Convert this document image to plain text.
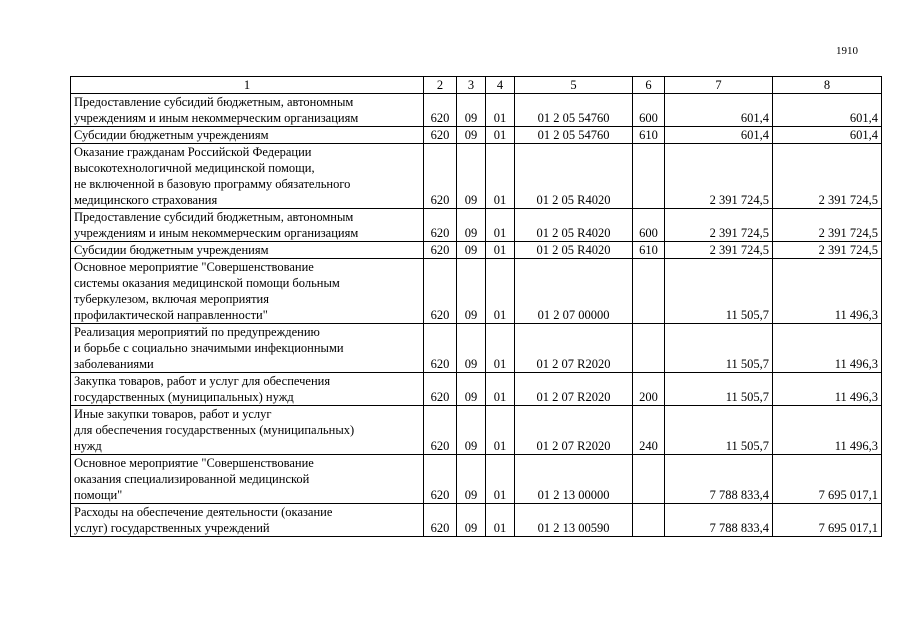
1910
1	2	3	4	5	6	7	8
Предоставление субсидий бюджетным, автономным
учреждениям и иным некоммерческим организациям	620	09	01	01 2 05 54760	600	601,4	601,4
Субсидии бюджетным учреждениям	620	09	01	01 2 05 54760	610	601,4	601,4
Оказание гражданам Российской Федерации
высокотехнологичной медицинской помощи,
не включенной в базовую программу обязательного
медицинского страхования	620	09	01	01 2 05 R4020		2 391 724,5	2 391 724,5
Предоставление субсидий бюджетным, автономным
учреждениям и иным некоммерческим организациям	620	09	01	01 2 05 R4020	600	2 391 724,5	2 391 724,5
Субсидии бюджетным учреждениям	620	09	01	01 2 05 R4020	610	2 391 724,5	2 391 724,5
Основное мероприятие "Совершенствование
системы оказания медицинской помощи больным
туберкулезом, включая мероприятия
профилактической направленности"	620	09	01	01 2 07 00000		11 505,7	11 496,3
Реализация мероприятий по предупреждению
и борьбе с социально значимыми инфекционными
заболеваниями	620	09	01	01 2 07 R2020		11 505,7	11 496,3
Закупка товаров, работ и услуг для обеспечения
государственных (муниципальных) нужд	620	09	01	01 2 07 R2020	200	11 505,7	11 496,3
Иные закупки товаров, работ и услуг
для обеспечения государственных (муниципальных)
нужд	620	09	01	01 2 07 R2020	240	11 505,7	11 496,3
Основное мероприятие "Совершенствование
оказания специализированной медицинской
помощи"	620	09	01	01 2 13 00000		7 788 833,4	7 695 017,1
Расходы на обеспечение деятельности (оказание
услуг) государственных учреждений	620	09	01	01 2 13 00590		7 788 833,4	7 695 017,1
